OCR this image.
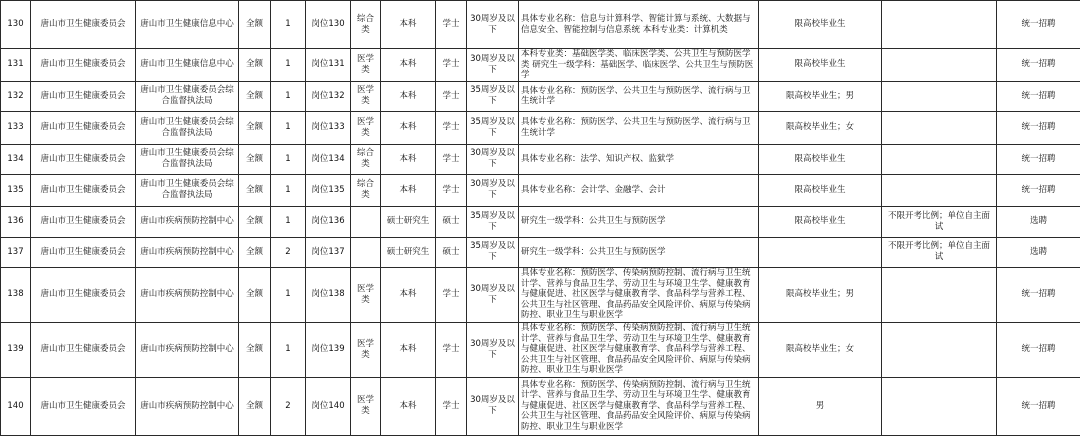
130	唐山市卫生健康委员会	唐山市卫生健康信息中心	全额	1	岗位130	综合类	本科	学士	30周岁及以下	具体专业名称：信息与计算科学、智能计算与系统、大数据与信息安全、智能控制与信息系统 本科专业类：计算机类	限高校毕业生		统一招聘
131	唐山市卫生健康委员会	唐山市卫生健康信息中心	全额	1	岗位131	医学类	本科	学士	30周岁及以下	本科专业类：基础医学类、临床医学类、公共卫生与预防医学类 研究生一级学科：基础医学、临床医学、公共卫生与预防医学	限高校毕业生		统一招聘
132	唐山市卫生健康委员会	唐山市卫生健康委员会综合监督执法局	全额	1	岗位132	医学类	本科	学士	35周岁及以下	具体专业名称：预防医学、公共卫生与预防医学、流行病与卫生统计学	限高校毕业生；男		统一招聘
133	唐山市卫生健康委员会	唐山市卫生健康委员会综合监督执法局	全额	1	岗位133	医学类	本科	学士	35周岁及以下	具体专业名称：预防医学、公共卫生与预防医学、流行病与卫生统计学	限高校毕业生；女		统一招聘
134	唐山市卫生健康委员会	唐山市卫生健康委员会综合监督执法局	全额	1	岗位134	综合类	本科	学士	30周岁及以下	具体专业名称：法学、知识产权、监狱学	限高校毕业生		统一招聘
135	唐山市卫生健康委员会	唐山市卫生健康委员会综合监督执法局	全额	1	岗位135	综合类	本科	学士	30周岁及以下	具体专业名称：会计学、金融学、会计	限高校毕业生		统一招聘
136	唐山市卫生健康委员会	唐山市疾病预防控制中心	全额	1	岗位136		硕士研究生	硕士	35周岁及以下	研究生一级学科：公共卫生与预防医学	限高校毕业生	不限开考比例；单位自主面试	选聘
137	唐山市卫生健康委员会	唐山市疾病预防控制中心	全额	2	岗位137		硕士研究生	硕士	35周岁及以下	研究生一级学科：公共卫生与预防医学		不限开考比例；单位自主面试	选聘
138	唐山市卫生健康委员会	唐山市疾病预防控制中心	全额	1	岗位138	医学类	本科	学士	30周岁及以下	具体专业名称：预防医学、传染病预防控制、流行病与卫生统计学、营养与食品卫生学、劳动卫生与环境卫生学、健康教育与健康促进、社区医学与健康教育学、食品科学与营养工程、公共卫生与社区管理、食品药品安全风险评价、病原与传染病防控、职业卫生与职业医学	限高校毕业生；男		统一招聘
139	唐山市卫生健康委员会	唐山市疾病预防控制中心	全额	1	岗位139	医学类	本科	学士	30周岁及以下	具体专业名称：预防医学、传染病预防控制、流行病与卫生统计学、营养与食品卫生学、劳动卫生与环境卫生学、健康教育与健康促进、社区医学与健康教育学、食品科学与营养工程、公共卫生与社区管理、食品药品安全风险评价、病原与传染病防控、职业卫生与职业医学	限高校毕业生；女		统一招聘
140	唐山市卫生健康委员会	唐山市疾病预防控制中心	全额	2	岗位140	医学类	本科	学士	30周岁及以下	具体专业名称：预防医学、传染病预防控制、流行病与卫生统计学、营养与食品卫生学、劳动卫生与环境卫生学、健康教育与健康促进、社区医学与健康教育学、食品科学与营养工程、公共卫生与社区管理、食品药品安全风险评价、病原与传染病防控、职业卫生与职业医学	男		统一招聘
